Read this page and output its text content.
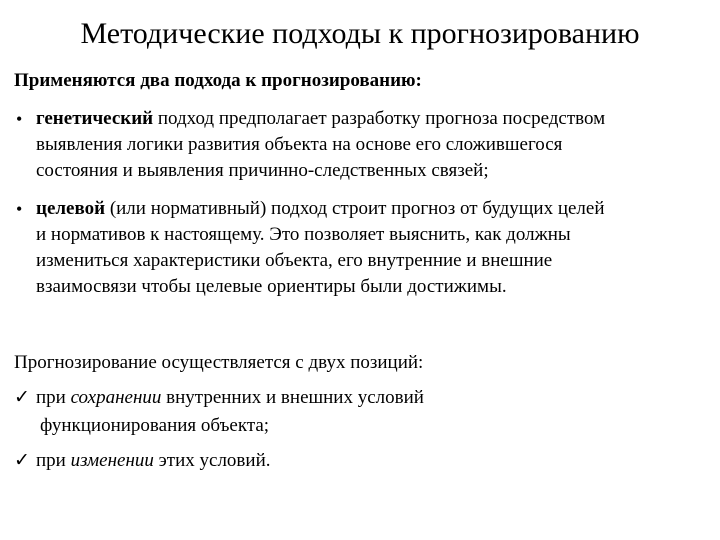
Методические подходы к прогнозированию
Применяются два подхода к прогнозированию:
• генетический подход предполагает разработку прогноза посредством
выявления логики развития объекта на основе его сложившегося
состояния и выявления причинно-следственных связей;
• целевой (или нормативный) подход строит прогноз от будущих целей
и нормативов к настоящему. Это позволяет выяснить, как должны
измениться характеристики объекта, его внутренние и внешние
взаимосвязи чтобы целевые ориентиры были достижимы.
Прогнозирование осуществляется с двух позиций:
✓ при сохранении внутренних и внешних условий
функционирования объекта;
✓ при изменении этих условий.
